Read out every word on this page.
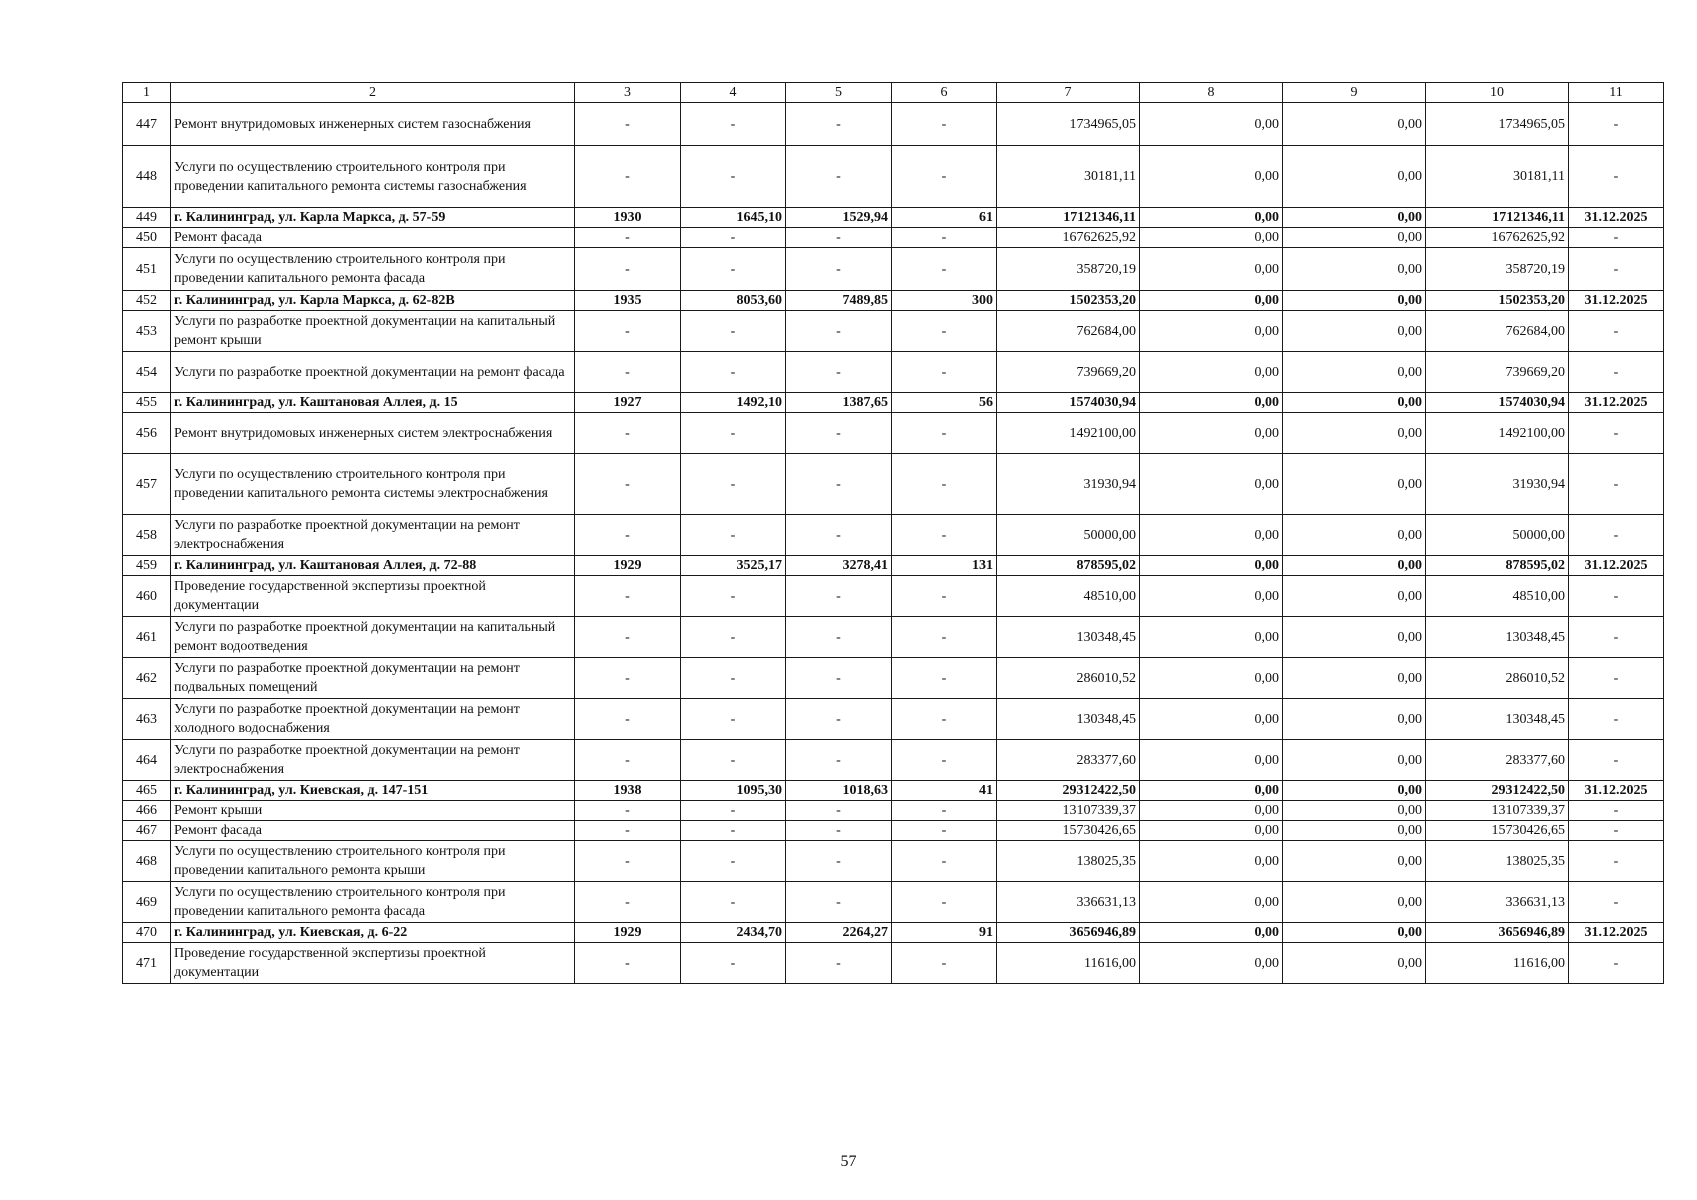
1	2	3	4	5	6	7	8	9	10	11
447	Ремонт внутридомовых инженерных систем газоснабжения	-	-	-	-	1734965,05	0,00	0,00	1734965,05	-
448	Услуги по осуществлению строительного контроля при проведении капитального ремонта системы газоснабжения	-	-	-	-	30181,11	0,00	0,00	30181,11	-
449	г. Калининград, ул. Карла Маркса, д. 57-59	1930	1645,10	1529,94	61	17121346,11	0,00	0,00	17121346,11	31.12.2025
450	Ремонт фасада	-	-	-	-	16762625,92	0,00	0,00	16762625,92	-
451	Услуги по осуществлению строительного контроля при проведении капитального ремонта фасада	-	-	-	-	358720,19	0,00	0,00	358720,19	-
452	г. Калининград, ул. Карла Маркса, д. 62-82В	1935	8053,60	7489,85	300	1502353,20	0,00	0,00	1502353,20	31.12.2025
453	Услуги по разработке проектной документации на капитальный ремонт крыши	-	-	-	-	762684,00	0,00	0,00	762684,00	-
454	Услуги по разработке проектной документации на ремонт фасада	-	-	-	-	739669,20	0,00	0,00	739669,20	-
455	г. Калининград, ул. Каштановая Аллея, д. 15	1927	1492,10	1387,65	56	1574030,94	0,00	0,00	1574030,94	31.12.2025
456	Ремонт внутридомовых инженерных систем электроснабжения	-	-	-	-	1492100,00	0,00	0,00	1492100,00	-
457	Услуги по осуществлению строительного контроля при проведении капитального ремонта системы электроснабжения	-	-	-	-	31930,94	0,00	0,00	31930,94	-
458	Услуги по разработке проектной документации на ремонт электроснабжения	-	-	-	-	50000,00	0,00	0,00	50000,00	-
459	г. Калининград, ул. Каштановая Аллея, д. 72-88	1929	3525,17	3278,41	131	878595,02	0,00	0,00	878595,02	31.12.2025
460	Проведение государственной экспертизы проектной документации	-	-	-	-	48510,00	0,00	0,00	48510,00	-
461	Услуги по разработке проектной документации на капитальный ремонт водоотведения	-	-	-	-	130348,45	0,00	0,00	130348,45	-
462	Услуги по разработке проектной документации на ремонт подвальных помещений	-	-	-	-	286010,52	0,00	0,00	286010,52	-
463	Услуги по разработке проектной документации на ремонт холодного водоснабжения	-	-	-	-	130348,45	0,00	0,00	130348,45	-
464	Услуги по разработке проектной документации на ремонт электроснабжения	-	-	-	-	283377,60	0,00	0,00	283377,60	-
465	г. Калининград, ул. Киевская, д. 147-151	1938	1095,30	1018,63	41	29312422,50	0,00	0,00	29312422,50	31.12.2025
466	Ремонт крыши	-	-	-	-	13107339,37	0,00	0,00	13107339,37	-
467	Ремонт фасада	-	-	-	-	15730426,65	0,00	0,00	15730426,65	-
468	Услуги по осуществлению строительного контроля при проведении капитального ремонта крыши	-	-	-	-	138025,35	0,00	0,00	138025,35	-
469	Услуги по осуществлению строительного контроля при проведении капитального ремонта фасада	-	-	-	-	336631,13	0,00	0,00	336631,13	-
470	г. Калининград, ул. Киевская, д. 6-22	1929	2434,70	2264,27	91	3656946,89	0,00	0,00	3656946,89	31.12.2025
471	Проведение государственной экспертизы проектной документации	-	-	-	-	11616,00	0,00	0,00	11616,00	-
57
